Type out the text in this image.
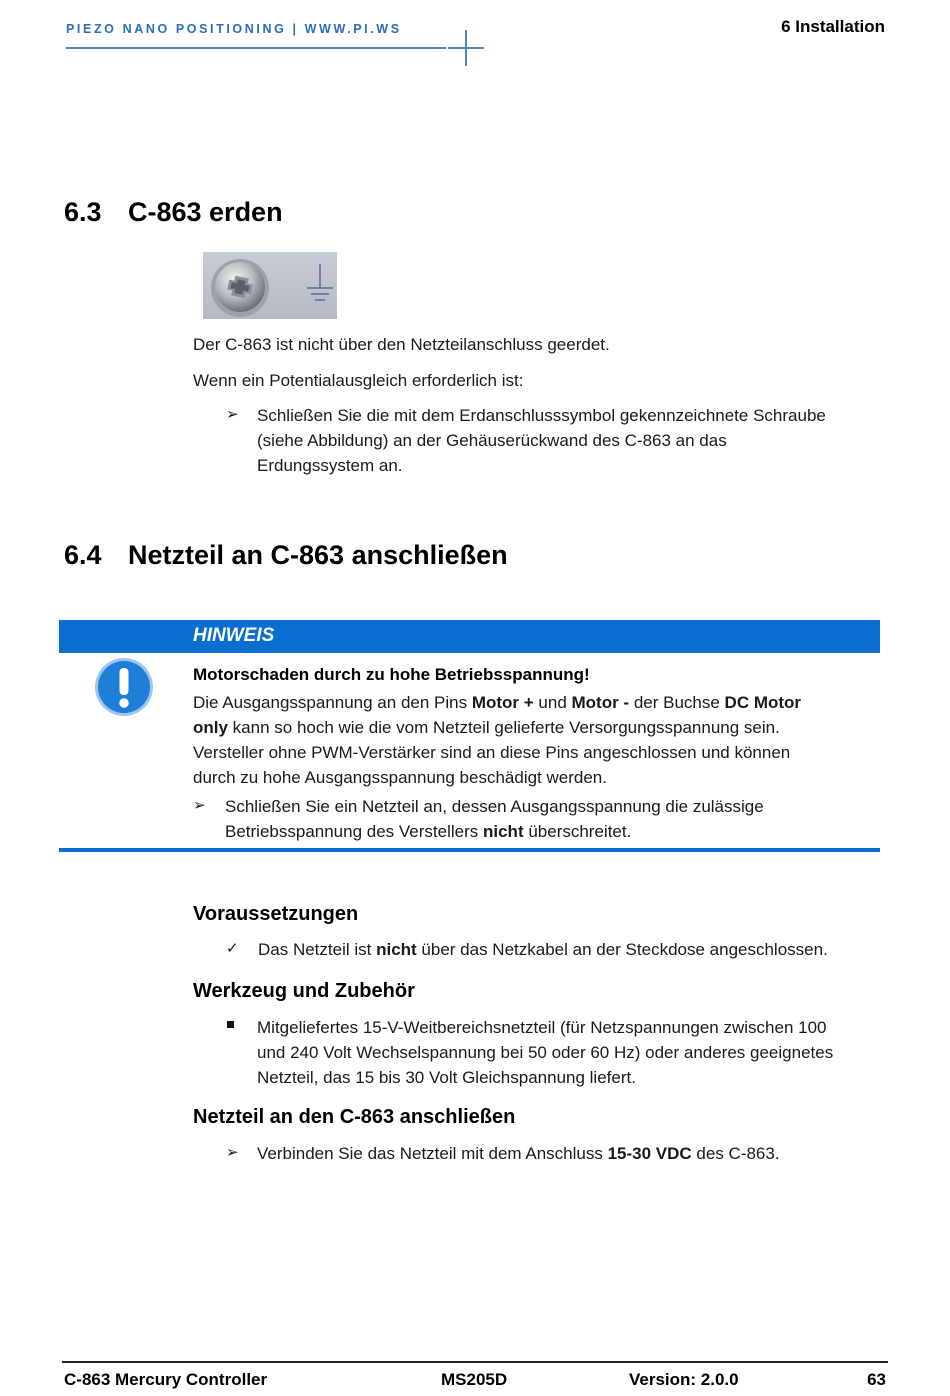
PIEZO NANO POSITIONING | WWW.PI.WS	6 Installation
6.3 C-863 erden
Der C-863 ist nicht über den Netzteilanschluss geerdet.
Wenn ein Potentialausgleich erforderlich ist:
➢ Schließen Sie die mit dem Erdanschlusssymbol gekennzeichnete Schraube
(siehe Abbildung) an der Gehäuserückwand des C-863 an das
Erdungssystem an.
6.4 Netzteil an C-863 anschließen
HINWEIS
Motorschaden durch zu hohe Betriebsspannung!
Die Ausgangsspannung an den Pins Motor + und Motor - der Buchse DC Motor
only kann so hoch wie die vom Netzteil gelieferte Versorgungsspannung sein.
Versteller ohne PWM-Verstärker sind an diese Pins angeschlossen und können
durch zu hohe Ausgangsspannung beschädigt werden.
➢ Schließen Sie ein Netzteil an, dessen Ausgangsspannung die zulässige
Betriebsspannung des Verstellers nicht überschreitet.
Voraussetzungen
✓ Das Netzteil ist nicht über das Netzkabel an der Steckdose angeschlossen.
Werkzeug und Zubehör
Mitgeliefertes 15-V-Weitbereichsnetzteil (für Netzspannungen zwischen 100
und 240 Volt Wechselspannung bei 50 oder 60 Hz) oder anderes geeignetes
Netzteil, das 15 bis 30 Volt Gleichspannung liefert.
Netzteil an den C-863 anschließen
➢ Verbinden Sie das Netzteil mit dem Anschluss 15-30 VDC des C-863.
C-863 Mercury Controller	MS205D	Version: 2.0.0	63
